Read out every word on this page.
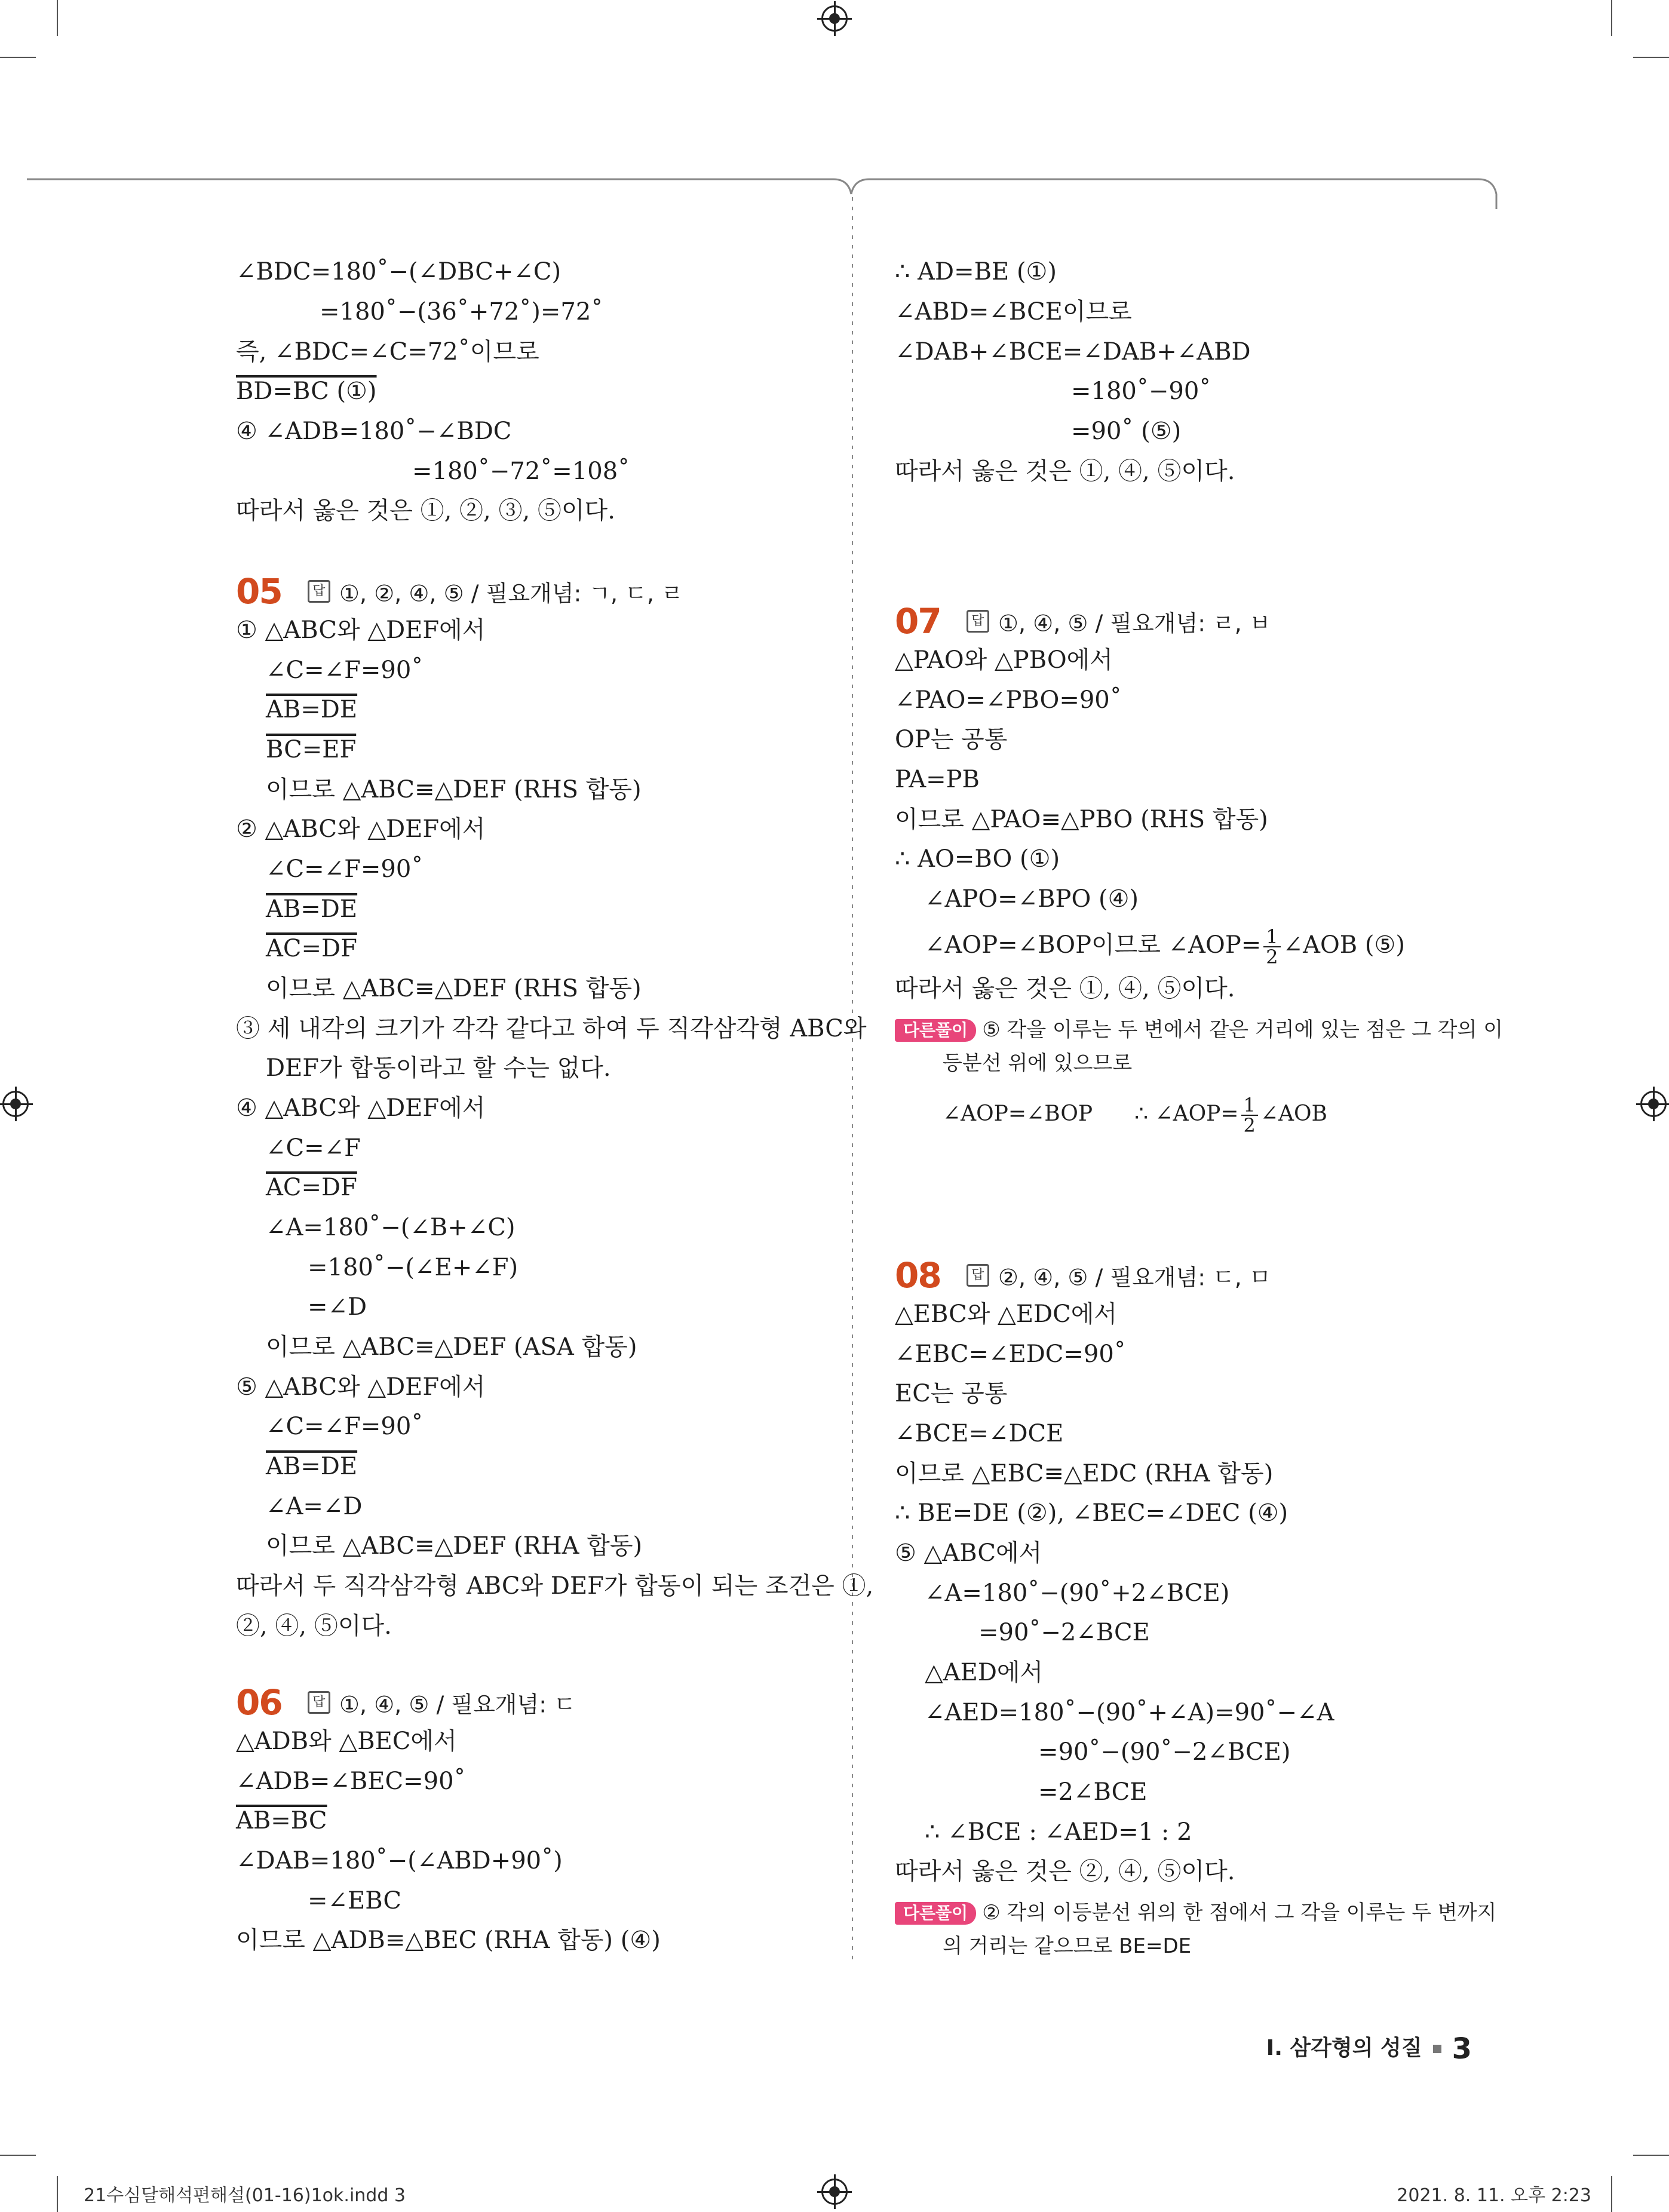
∠BDC=180˚−(∠DBC+∠C)
=180˚−(36˚+72˚)=72˚
즉, ∠BDC=∠C=72˚이므로
BD=BC (①)
④ ∠ADB=180˚−∠BDC
=180˚−72˚=108˚
따라서 옳은 것은 ①, ②, ③, ⑤이다.
05 답 ①, ②, ④, ⑤ / 필요개념: ㄱ, ㄷ, ㄹ
① △ABC와 △DEF에서
∠C=∠F=90˚
AB=DE
BC=EF
이므로 △ABC≡△DEF (RHS 합동)
② △ABC와 △DEF에서
∠C=∠F=90˚
AB=DE
AC=DF
이므로 △ABC≡△DEF (RHS 합동)
③ 세 내각의 크기가 각각 같다고 하여 두 직각삼각형 ABC와
DEF가 합동이라고 할 수는 없다.
④ △ABC와 △DEF에서
∠C=∠F
AC=DF
∠A=180˚−(∠B+∠C)
=180˚−(∠E+∠F)
=∠D
이므로 △ABC≡△DEF (ASA 합동)
⑤ △ABC와 △DEF에서
∠C=∠F=90˚
AB=DE
∠A=∠D
이므로 △ABC≡△DEF (RHA 합동)
따라서 두 직각삼각형 ABC와 DEF가 합동이 되는 조건은 ①,
②, ④, ⑤이다.
06 답 ①, ④, ⑤ / 필요개념: ㄷ
△ADB와 △BEC에서
∠ADB=∠BEC=90˚
AB=BC
∠DAB=180˚−(∠ABD+90˚)
=∠EBC
이므로 △ADB≡△BEC (RHA 합동) (④)
∴ AD=BE (①)
∠ABD=∠BCE이므로
∠DAB+∠BCE=∠DAB+∠ABD
=180˚−90˚
=90˚ (⑤)
따라서 옳은 것은 ①, ④, ⑤이다.
07 답 ①, ④, ⑤ / 필요개념: ㄹ, ㅂ
△PAO와 △PBO에서
∠PAO=∠PBO=90˚
OP는 공통
PA=PB
이므로 △PAO≡△PBO (RHS 합동)
∴ AO=BO (①)
∠APO=∠BPO (④)
∠AOP=∠BOP이므로 ∠AOP= $\frac{1}{2}$ ∠AOB (⑤)
따라서 옳은 것은 ①, ④, ⑤이다.
다른풀이 ⑤ 각을 이루는 두 변에서 같은 거리에 있는 점은 그 각의 이
등분선 위에 있으므로
∠AOP=∠BOP ∴ ∠AOP= $\frac{1}{2}$ ∠AOB
08 답 ②, ④, ⑤ / 필요개념: ㄷ, ㅁ
△EBC와 △EDC에서
∠EBC=∠EDC=90˚
EC는 공통
∠BCE=∠DCE
이므로 △EBC≡△EDC (RHA 합동)
∴ BE=DE (②), ∠BEC=∠DEC (④)
⑤ △ABC에서
∠A=180˚−(90˚+2∠BCE)
=90˚−2∠BCE
△AED에서
∠AED=180˚−(90˚+∠A)=90˚−∠A
=90˚−(90˚−2∠BCE)
=2∠BCE
∴ ∠BCE : ∠AED=1 : 2
따라서 옳은 것은 ②, ④, ⑤이다.
다른풀이 ② 각의 이등분선 위의 한 점에서 그 각을 이루는 두 변까지
의 거리는 같으므로 BE=DE
Ⅰ. 삼각형의 성질 3
21수심달해석편해설(01-16)1ok.indd 3	2021. 8. 11. 오후 2:23
